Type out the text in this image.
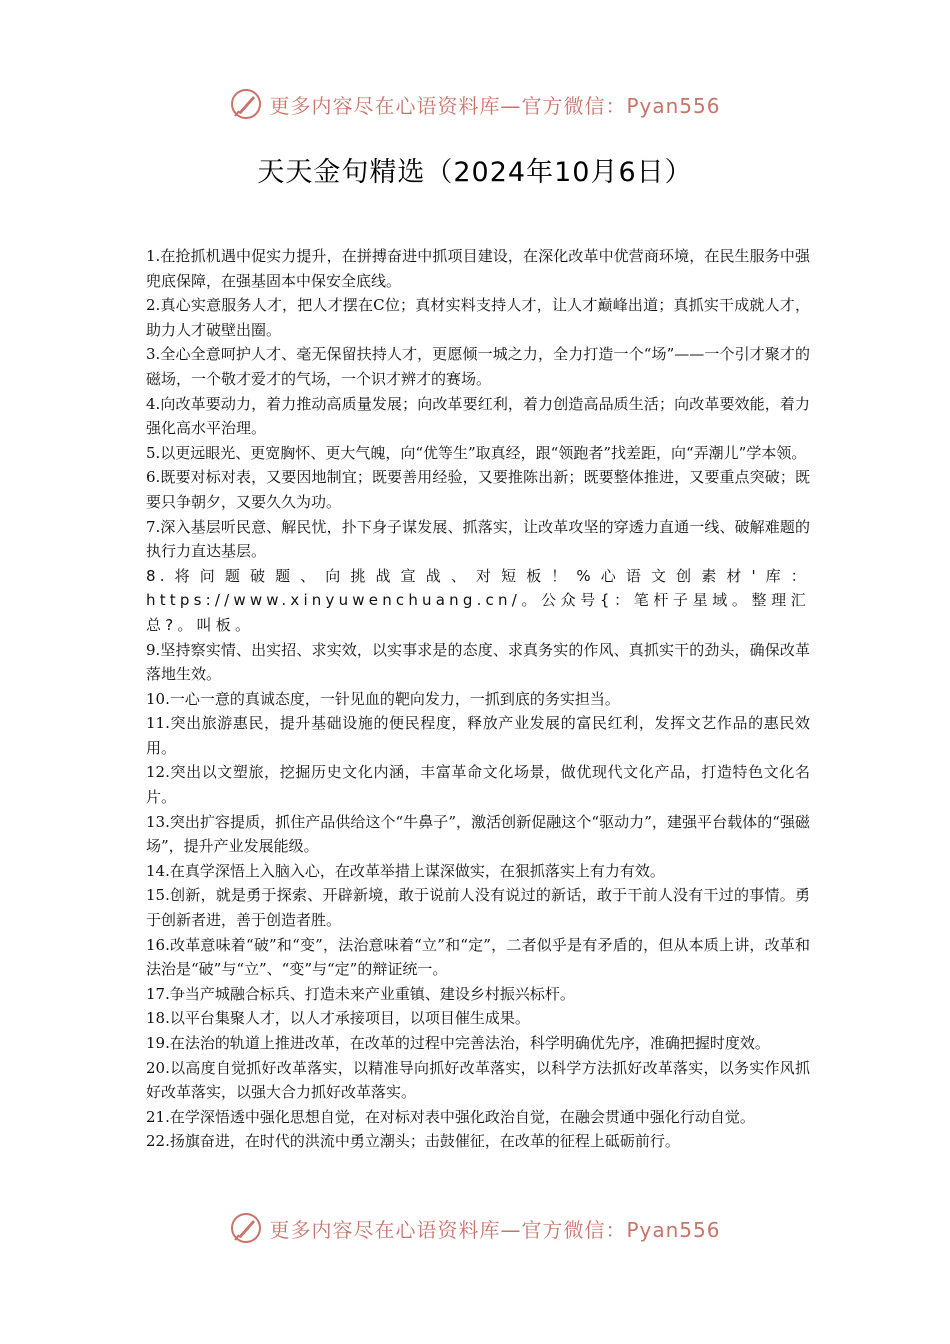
更多内容尽在心语资料库—官方微信：Pyan556
天天金句精选（2024年10月6日）

1.在抢抓机遇中促实力提升，在拼搏奋进中抓项目建设，在深化改革中优营商环境，在民生服务中强兜底保障，在强基固本中保安全底线。

2.真心实意服务人才，把人才摆在C位；真材实料支持人才，让人才巅峰出道；真抓实干成就人才，助力人才破壁出圈。

3.全心全意呵护人才、毫无保留扶持人才，更愿倾一城之力，全力打造一个“场”——一个引才聚才的磁场，一个敬才爱才的气场，一个识才辨才的赛场。

4.向改革要动力，着力推动高质量发展；向改革要红利，着力创造高品质生活；向改革要效能，着力强化高水平治理。

5.以更远眼光、更宽胸怀、更大气魄，向“优等生”取真经，跟“领跑者”找差距，向“弄潮儿”学本领。

6.既要对标对表，又要因地制宜；既要善用经验，又要推陈出新；既要整体推进，又要重点突破；既要只争朝夕，又要久久为功。

7.深入基层听民意、解民忧，扑下身子谋发展、抓落实，让改革攻坚的穿透力直通一线、破解难题的执行力直达基层。

8.将问题破题、向挑战宣战、对短板！%心语文创素材'库：https://www.xinyuwenchuang.cn/。公众号{：笔杆子星域。整理汇总?。叫板。

9.坚持察实情、出实招、求实效，以实事求是的态度、求真务实的作风、真抓实干的劲头，确保改革落地生效。

10.一心一意的真诚态度，一针见血的靶向发力，一抓到底的务实担当。

11.突出旅游惠民，提升基础设施的便民程度，释放产业发展的富民红利，发挥文艺作品的惠民效用。

12.突出以文塑旅，挖掘历史文化内涵，丰富革命文化场景，做优现代文化产品，打造特色文化名片。

13.突出扩容提质，抓住产品供给这个“牛鼻子”，激活创新促融这个“驱动力”，建强平台载体的“强磁场”，提升产业发展能级。

14.在真学深悟上入脑入心，在改革举措上谋深做实，在狠抓落实上有力有效。

15.创新，就是勇于探索、开辟新境，敢于说前人没有说过的新话，敢于干前人没有干过的事情。勇于创新者进，善于创造者胜。

16.改革意味着“破”和“变”，法治意味着“立”和“定”，二者似乎是有矛盾的，但从本质上讲，改革和法治是“破”与“立”、“变”与“定”的辩证统一。

17.争当产城融合标兵、打造未来产业重镇、建设乡村振兴标杆。

18.以平台集聚人才，以人才承接项目，以项目催生成果。

19.在法治的轨道上推进改革，在改革的过程中完善法治，科学明确优先序，准确把握时度效。

20.以高度自觉抓好改革落实，以精准导向抓好改革落实，以科学方法抓好改革落实，以务实作风抓好改革落实，以强大合力抓好改革落实。

21.在学深悟透中强化思想自觉，在对标对表中强化政治自觉，在融会贯通中强化行动自觉。

22.扬旗奋进，在时代的洪流中勇立潮头；击鼓催征，在改革的征程上砥砺前行。

更多内容尽在心语资料库—官方微信：Pyan556
